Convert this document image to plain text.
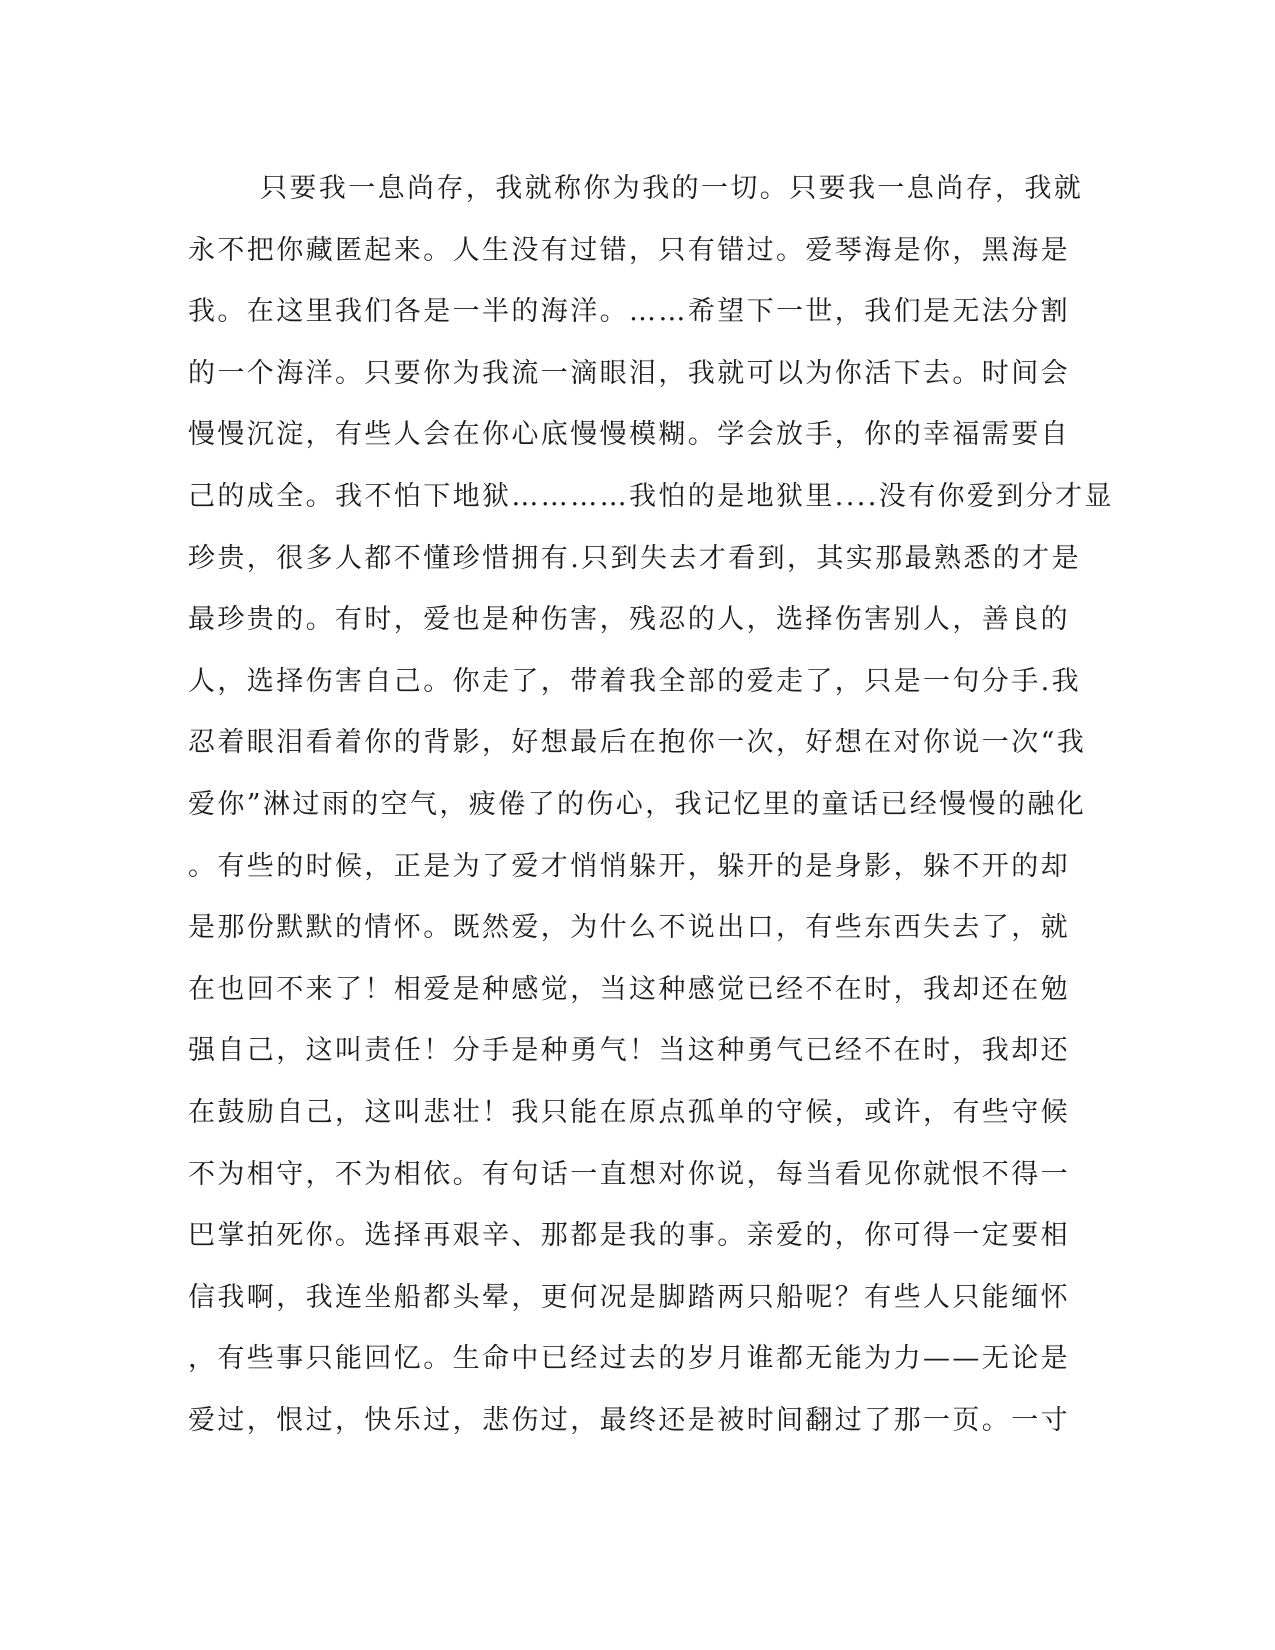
只要我一息尚存，我就称你为我的一切。只要我一息尚存，我就
永不把你藏匿起来。人生没有过错，只有错过。爱琴海是你，黑海是
我。在这里我们各是一半的海洋。……希望下一世，我们是无法分割
的一个海洋。只要你为我流一滴眼泪，我就可以为你活下去。时间会
慢慢沉淀，有些人会在你心底慢慢模糊。学会放手，你的幸福需要自
己的成全。我不怕下地狱…………我怕的是地狱里....没有你爱到分才显
珍贵，很多人都不懂珍惜拥有.只到失去才看到，其实那最熟悉的才是
最珍贵的。有时，爱也是种伤害，残忍的人，选择伤害别人，善良的
人，选择伤害自己。你走了，带着我全部的爱走了，只是一句分手.我
忍着眼泪看着你的背影，好想最后在抱你一次，好想在对你说一次“我
爱你”淋过雨的空气，疲倦了的伤心，我记忆里的童话已经慢慢的融化
。有些的时候，正是为了爱才悄悄躲开，躲开的是身影，躲不开的却
是那份默默的情怀。既然爱，为什么不说出口，有些东西失去了，就
在也回不来了！相爱是种感觉，当这种感觉已经不在时，我却还在勉
强自己，这叫责任！分手是种勇气！当这种勇气已经不在时，我却还
在鼓励自己，这叫悲壮！我只能在原点孤单的守候，或许，有些守候
不为相守，不为相依。有句话一直想对你说，每当看见你就恨不得一
巴掌拍死你。选择再艰辛、那都是我的事。亲爱的，你可得一定要相
信我啊，我连坐船都头晕，更何况是脚踏两只船呢？有些人只能缅怀
，有些事只能回忆。生命中已经过去的岁月谁都无能为力——无论是
爱过，恨过，快乐过，悲伤过，最终还是被时间翻过了那一页。一寸
